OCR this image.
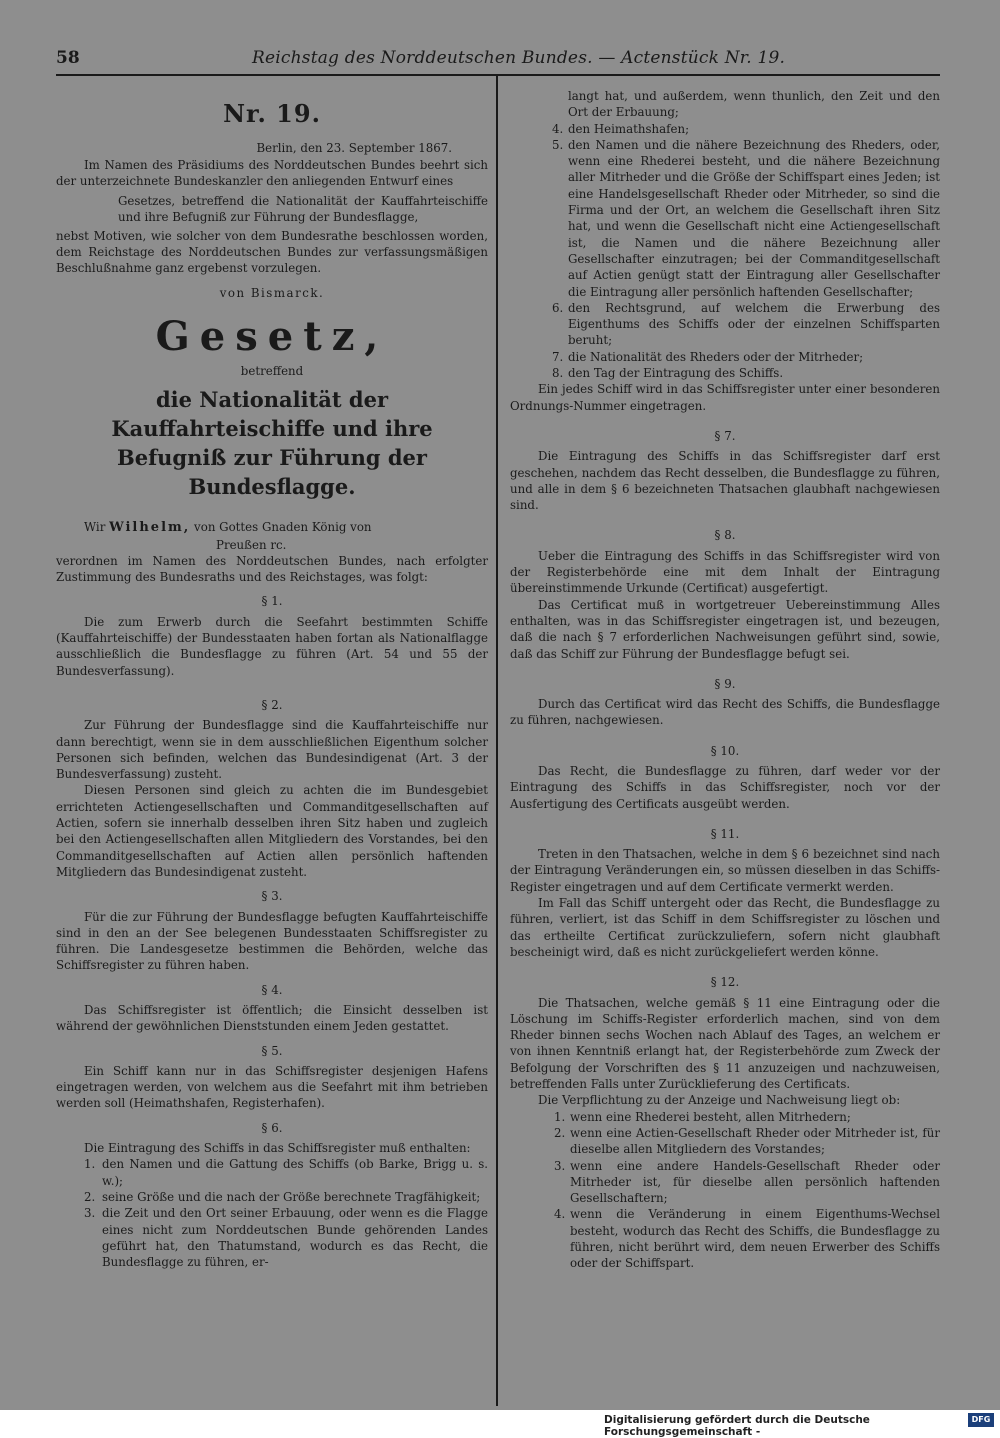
58	Reichstag des Norddeutschen Bundes. — Actenstück Nr. 19.

Nr. 19.

Berlin, den 23. September 1867.

Im Namen des Präsidiums des Norddeutschen Bundes beehrt sich der unterzeichnete Bundeskanzler den anliegenden Entwurf eines

Gesetzes, betreffend die Nationalität der Kauffahrteischiffe und ihre Befugniß zur Führung der Bundesflagge,

nebst Motiven, wie solcher von dem Bundesrathe beschlossen worden, dem Reichstage des Norddeutschen Bundes zur verfassungsmäßigen Beschlußnahme ganz ergebenst vorzulegen.

von Bismarck.

Gesetz,
betreffend
die Nationalität der Kauffahrteischiffe und ihre Befugniß zur Führung der Bundesflagge.

Wir Wilhelm, von Gottes Gnaden König von
Preußen rc.

verordnen im Namen des Norddeutschen Bundes, nach erfolgter Zustimmung des Bundesraths und des Reichstages, was folgt:

§ 1.

Die zum Erwerb durch die Seefahrt bestimmten Schiffe (Kauffahrteischiffe) der Bundesstaaten haben fortan als Nationalflagge ausschließlich die Bundesflagge zu führen (Art. 54 und 55 der Bundesverfassung).

§ 2.

Zur Führung der Bundesflagge sind die Kauffahrteischiffe nur dann berechtigt, wenn sie in dem ausschließlichen Eigenthum solcher Personen sich befinden, welchen das Bundesindigenat (Art. 3 der Bundesverfassung) zusteht.

Diesen Personen sind gleich zu achten die im Bundesgebiet errichteten Actiengesellschaften und Commanditgesellschaften auf Actien, sofern sie innerhalb desselben ihren Sitz haben und zugleich bei den Actiengesellschaften allen Mitgliedern des Vorstandes, bei den Commanditgesellschaften auf Actien allen persönlich haftenden Mitgliedern das Bundesindigenat zusteht.

§ 3.

Für die zur Führung der Bundesflagge befugten Kauffahrteischiffe sind in den an der See belegenen Bundesstaaten Schiffsregister zu führen. Die Landesgesetze bestimmen die Behörden, welche das Schiffsregister zu führen haben.

§ 4.

Das Schiffsregister ist öffentlich; die Einsicht desselben ist während der gewöhnlichen Dienststunden einem Jeden gestattet.

§ 5.

Ein Schiff kann nur in das Schiffsregister desjenigen Hafens eingetragen werden, von welchem aus die Seefahrt mit ihm betrieben werden soll (Heimathshafen, Registerhafen).

§ 6.

Die Eintragung des Schiffs in das Schiffsregister muß enthalten:

1. den Namen und die Gattung des Schiffs (ob Barke, Brigg u. s. w.);
2. seine Größe und die nach der Größe berechnete Tragfähigkeit;
3. die Zeit und den Ort seiner Erbauung, oder wenn es die Flagge eines nicht zum Norddeutschen Bunde gehörenden Landes geführt hat, den Thatumstand, wodurch es das Recht, die Bundesflagge zu führen, er-

langt hat, und außerdem, wenn thunlich, den Zeit und den Ort der Erbauung;

4. den Heimathshafen;
5. den Namen und die nähere Bezeichnung des Rheders, oder, wenn eine Rhederei besteht, und die nähere Bezeichnung aller Mitrheder und die Größe der Schiffspart eines Jeden; ist eine Handelsgesellschaft Rheder oder Mitrheder, so sind die Firma und der Ort, an welchem die Gesellschaft ihren Sitz hat, und wenn die Gesellschaft nicht eine Actiengesellschaft ist, die Namen und die nähere Bezeichnung aller Gesellschafter einzutragen; bei der Commanditgesellschaft auf Actien genügt statt der Eintragung aller Gesellschafter die Eintragung aller persönlich haftenden Gesellschafter;
6. den Rechtsgrund, auf welchem die Erwerbung des Eigenthums des Schiffs oder der einzelnen Schiffsparten beruht;
7. die Nationalität des Rheders oder der Mitrheder;
8. den Tag der Eintragung des Schiffs.

Ein jedes Schiff wird in das Schiffsregister unter einer besonderen Ordnungs-Nummer eingetragen.

§ 7.

Die Eintragung des Schiffs in das Schiffsregister darf erst geschehen, nachdem das Recht desselben, die Bundesflagge zu führen, und alle in dem § 6 bezeichneten Thatsachen glaubhaft nachgewiesen sind.

§ 8.

Ueber die Eintragung des Schiffs in das Schiffsregister wird von der Registerbehörde eine mit dem Inhalt der Eintragung übereinstimmende Urkunde (Certificat) ausgefertigt.

Das Certificat muß in wortgetreuer Uebereinstimmung Alles enthalten, was in das Schiffsregister eingetragen ist, und bezeugen, daß die nach § 7 erforderlichen Nachweisungen geführt sind, sowie, daß das Schiff zur Führung der Bundesflagge befugt sei.

§ 9.

Durch das Certificat wird das Recht des Schiffs, die Bundesflagge zu führen, nachgewiesen.

§ 10.

Das Recht, die Bundesflagge zu führen, darf weder vor der Eintragung des Schiffs in das Schiffsregister, noch vor der Ausfertigung des Certificats ausgeübt werden.

§ 11.

Treten in den Thatsachen, welche in dem § 6 bezeichnet sind nach der Eintragung Veränderungen ein, so müssen dieselben in das Schiffs-Register eingetragen und auf dem Certificate vermerkt werden.

Im Fall das Schiff untergeht oder das Recht, die Bundesflagge zu führen, verliert, ist das Schiff in dem Schiffsregister zu löschen und das ertheilte Certificat zurückzuliefern, sofern nicht glaubhaft bescheinigt wird, daß es nicht zurückgeliefert werden könne.

§ 12.

Die Thatsachen, welche gemäß § 11 eine Eintragung oder die Löschung im Schiffs-Register erforderlich machen, sind von dem Rheder binnen sechs Wochen nach Ablauf des Tages, an welchem er von ihnen Kenntniß erlangt hat, der Registerbehörde zum Zweck der Befolgung der Vorschriften des § 11 anzuzeigen und nachzuweisen, betreffenden Falls unter Zurücklieferung des Certificats.

Die Verpflichtung zu der Anzeige und Nachweisung liegt ob:

1. wenn eine Rhederei besteht, allen Mitrhedern;
2. wenn eine Actien-Gesellschaft Rheder oder Mitrheder ist, für dieselbe allen Mitgliedern des Vorstandes;
3. wenn eine andere Handels-Gesellschaft Rheder oder Mitrheder ist, für dieselbe allen persönlich haftenden Gesellschaftern;
4. wenn die Veränderung in einem Eigenthums-Wechsel besteht, wodurch das Recht des Schiffs, die Bundesflagge zu führen, nicht berührt wird, dem neuen Erwerber des Schiffs oder der Schiffspart.
Digitalisierung gefördert durch die Deutsche Forschungsgemeinschaft -
DFG
